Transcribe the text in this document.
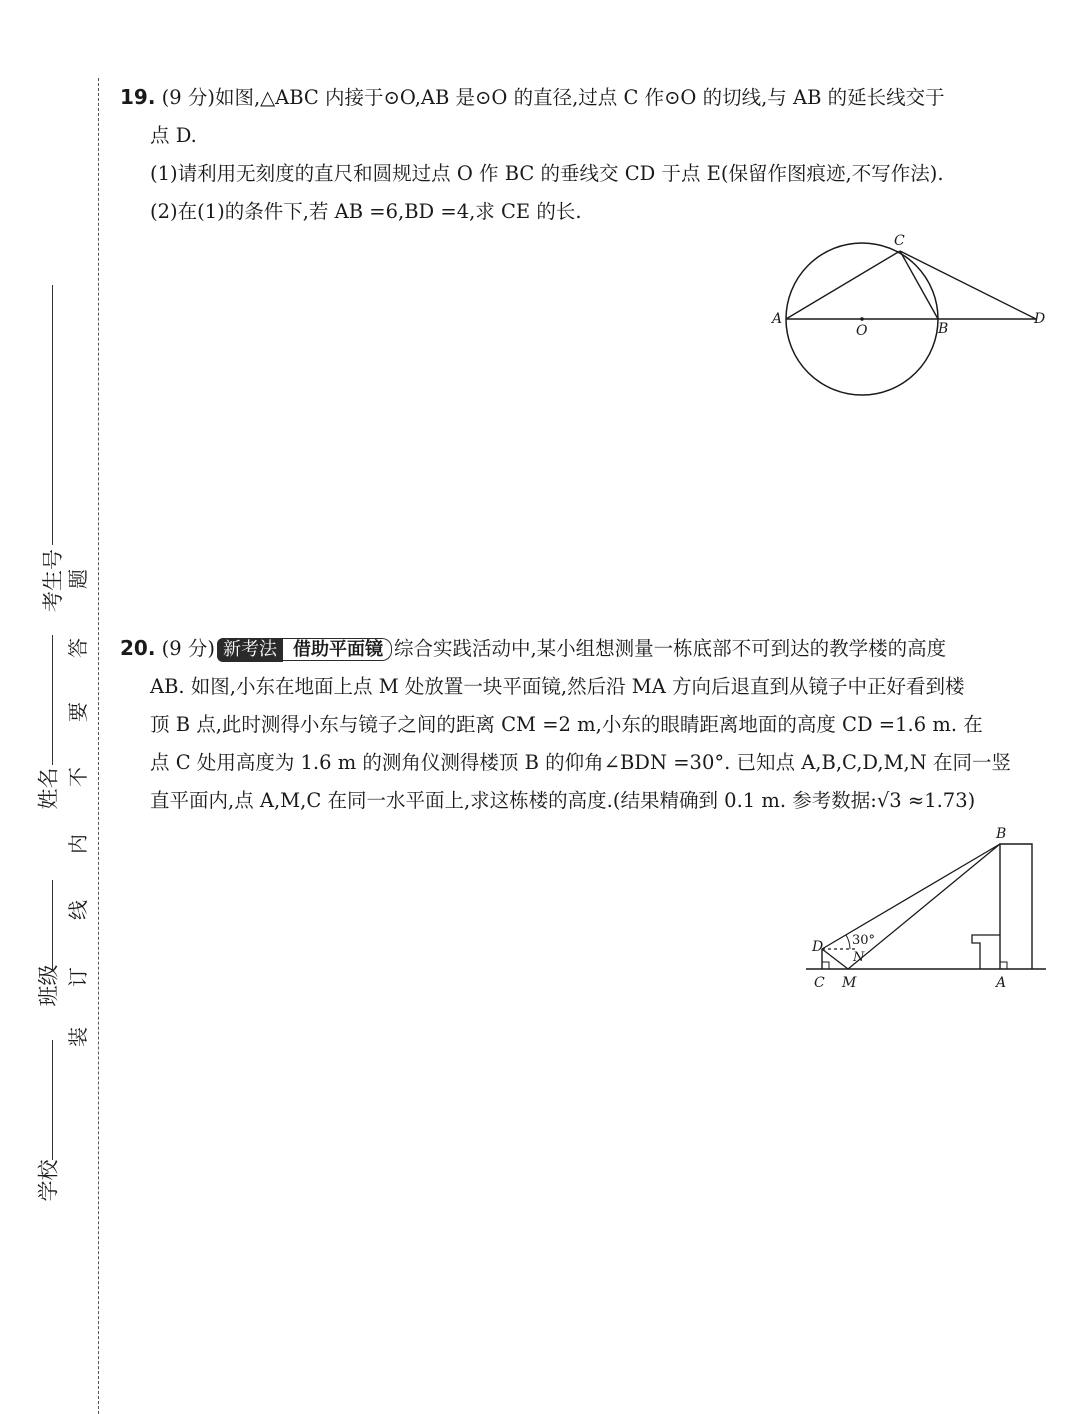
学校
班级
姓名
考生号
装
订
线
内
不
要
答
题
19. (9 分)如图,△ABC 内接于⊙O,AB 是⊙O 的直径,过点 C 作⊙O 的切线,与 AB 的延长线交于
点 D.
(1)请利用无刻度的直尺和圆规过点 O 作 BC 的垂线交 CD 于点 E(保留作图痕迹,不写作法).
(2)在(1)的条件下,若 AB =6,BD =4,求 CE 的长.
A
C
O	B
D
20. (9 分) 新考法 借助平面镜 综合实践活动中,某小组想测量一栋底部不可到达的教学楼的高度
AB. 如图,小东在地面上点 M 处放置一块平面镜,然后沿 MA 方向后退直到从镜子中正好看到楼
顶 B 点,此时测得小东与镜子之间的距离 CM =2 m,小东的眼睛距离地面的高度 CD =1.6 m. 在
点 C 处用高度为 1.6 m 的测角仪测得楼顶 B 的仰角∠BDN =30°. 已知点 A,B,C,D,M,N 在同一竖
直平面内,点 A,M,C 在同一水平面上,求这栋楼的高度.(结果精确到 0.1 m. 参考数据:√3 ≈1.73)
D 30°
N
C M
B
A
